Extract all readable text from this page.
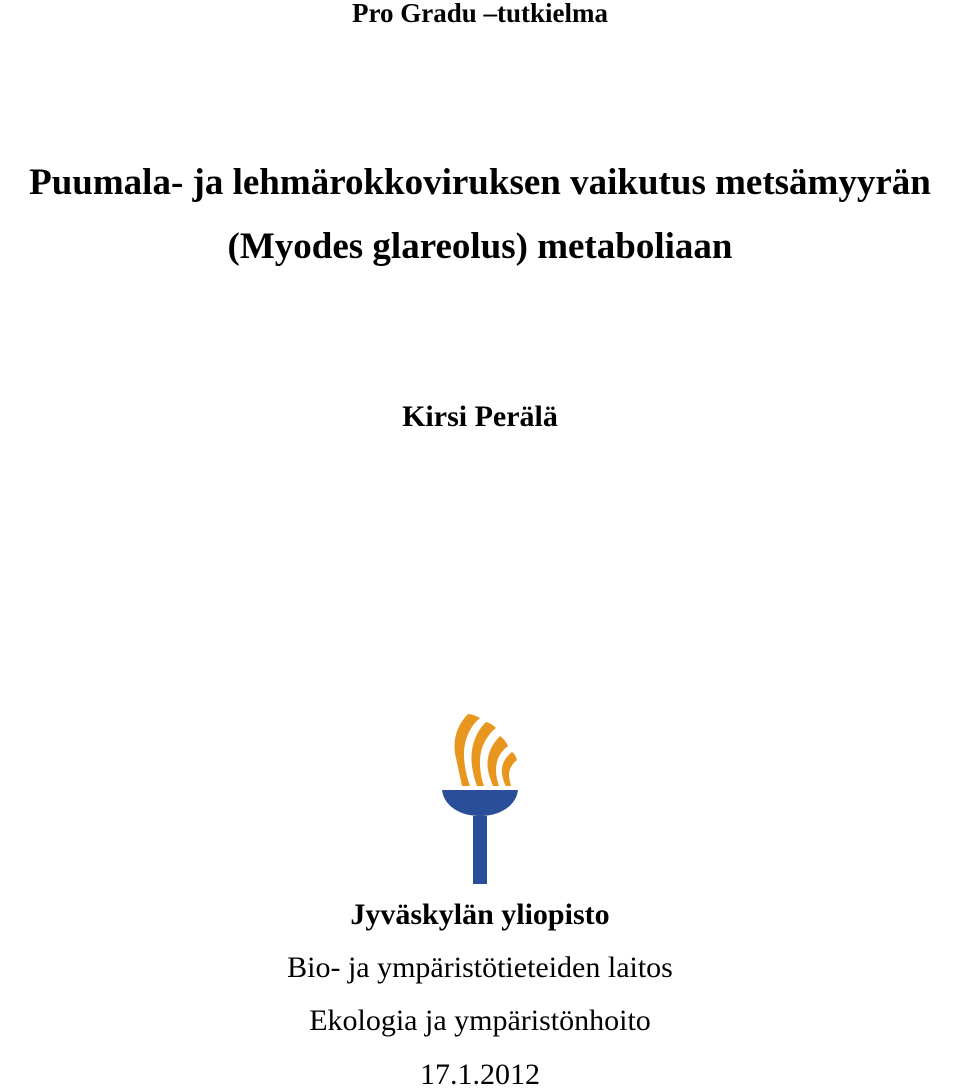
Pro Gradu –tutkielma

Puumala- ja lehmärokkoviruksen vaikutus metsämyyrän

(Myodes glareolus) metaboliaan

Kirsi Perälä

Jyväskylän yliopisto

Bio- ja ympäristötieteiden laitos

Ekologia ja ympäristönhoito

17.1.2012
